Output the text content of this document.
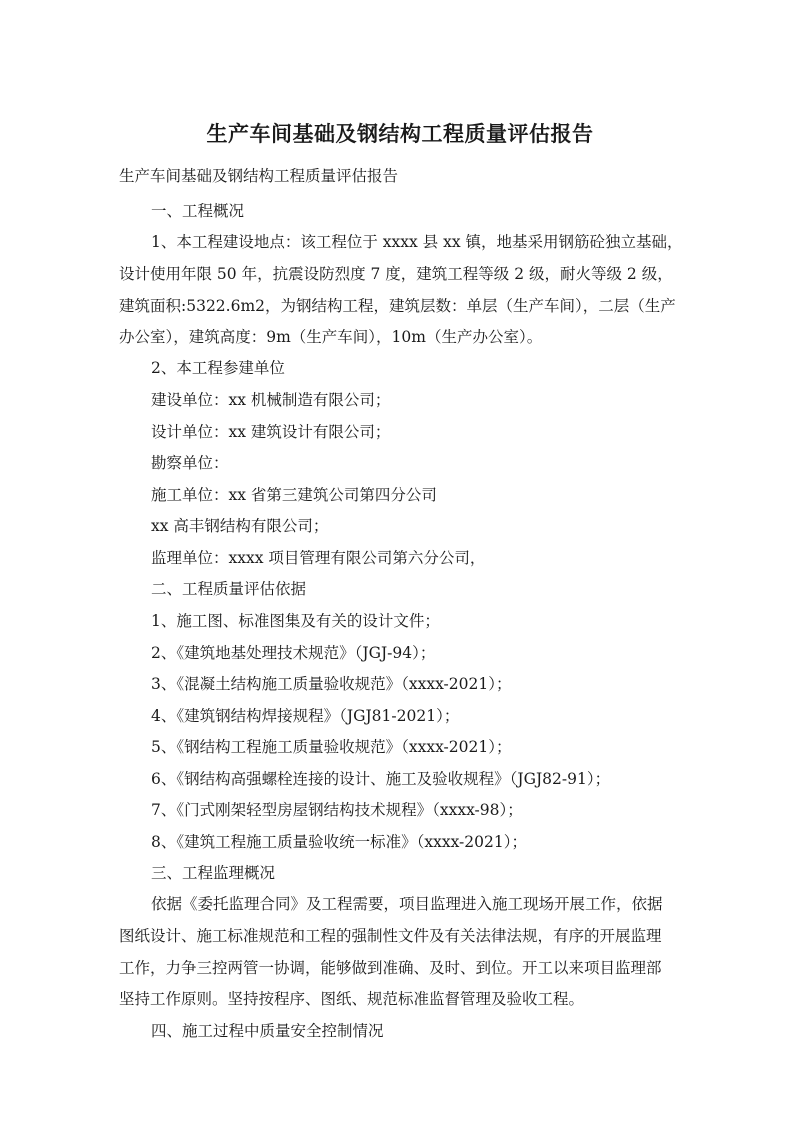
生产车间基础及钢结构工程质量评估报告
生产车间基础及钢结构工程质量评估报告
一、工程概况
1、本工程建设地点：该工程位于 xxxx 县 xx 镇，地基采用钢筋砼独立基础，
设计使用年限 50 年，抗震设防烈度 7 度，建筑工程等级 2 级，耐火等级 2 级，
建筑面积:5322.6m2，为钢结构工程，建筑层数：单层（生产车间），二层（生产
办公室），建筑高度：9m（生产车间），10m（生产办公室）。
2、本工程参建单位
建设单位：xx 机械制造有限公司；
设计单位：xx 建筑设计有限公司；
勘察单位：
施工单位：xx 省第三建筑公司第四分公司
xx 高丰钢结构有限公司；
监理单位：xxxx 项目管理有限公司第六分公司，
二、工程质量评估依据
1、施工图、标准图集及有关的设计文件；
2、《建筑地基处理技术规范》（JGJ-94）；
3、《混凝土结构施工质量验收规范》（xxxx-2021）；
4、《建筑钢结构焊接规程》（JGJ81-2021）；
5、《钢结构工程施工质量验收规范》（xxxx-2021）；
6、《钢结构高强螺栓连接的设计、施工及验收规程》（JGJ82-91）；
7、《门式刚架轻型房屋钢结构技术规程》（xxxx-98）；
8、《建筑工程施工质量验收统一标准》（xxxx-2021）；
三、工程监理概况
依据《委托监理合同》及工程需要，项目监理进入施工现场开展工作，依据
图纸设计、施工标准规范和工程的强制性文件及有关法律法规，有序的开展监理
工作，力争三控两管一协调，能够做到准确、及时、到位。开工以来项目监理部
坚持工作原则。坚持按程序、图纸、规范标准监督管理及验收工程。
四、施工过程中质量安全控制情况
